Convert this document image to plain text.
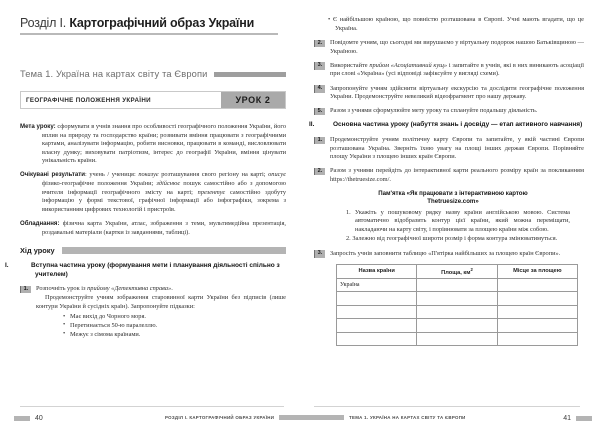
Розділ I. Картографічний образ України
Тема 1. Україна на картах світу та Європи
ГЕОГРАФІЧНЕ ПОЛОЖЕННЯ УКРАЇНИ	УРОК 2

Мета уроку: сформувати в учнів знання про особливості географічного положення України, його вплив на природу та господарство країни; розвивати вміння працювати з географічними картами, аналізувати інформацію, робити висновки, працювати в команді, висловлювати власну думку; виховувати патріотизм, інтерес до географії України, вміння цінувати унікальність країни.

Очікувані результати: учень / учениця: показує розташування свого регіону на карті; описує фізико-географічне положення України; здійснює пошук самостійно або з допомогою вчителя інформації географічного змісту на карті; презентує самостійно здобуту інформацію у формі текстової, графічної інформації або інфографіки, зокрема з використанням цифрових технологій і пристроїв.

Обладнання: фізична карта України, атлас, зображення з теми, мультимедійна презентація, роздавальні матеріали (картки із завданнями, таблиці).

Хід уроку

I.	Вступна частина уроку (формування мети і планування діяльності спільно з учителем)

1.	Розпочніть урок із прийому «Детективна справа».
Продемонструйте учням зображення старовинної карти України без підписів (лише контури України й сусідніх країн). Запропонуйте підказки:
• Має вихід до Чорного моря.
• Перетинається 50-ю паралеллю.
• Межує з сімома країнами.

• Є найбільшою країною, що повністю розташована в Європі. Учні мають вгадати, що це Україна.

2.	Повідомте учням, що сьогодні ми вирушаємо у віртуальну подорож нашою Батьківщиною — Україною.
3.	Використайте прийом «Асоціативний кущ» і запитайте в учнів, які в них виникають асоціації при слові «Україна» (усі відповіді зафіксуйте у вигляді схеми).
4.	Запропонуйте учням здійснити віртуальну екскурсію та дослідити географічне положення України. Продемонструйте невеликий відеофрагмент про нашу державу.
5.	Разом з учнями сформулюйте мету уроку та сплануйте подальшу діяльність.

II.	Основна частина уроку (набуття знань і досвіду — етап активного навчання)

1.	Продемонструйте учням політичну карту Європи та запитайте, у якій частині Європи розташована Україна. Зверніть їхню увагу на площі інших держав Європи. Порівняйте площу України з площею інших країн Європи.
2.	Разом з учнями перейдіть до інтерактивної карти реального розміру країн за покликанням https://thetruesize.com/.
Пам'ятка «Як працювати з інтерактивною картою
Thetruesize.com»
Укажіть у пошуковому рядку назву країни англійською мовою. Система автоматично відобразить контур цієї країни, який можна переміщати, накладаючи на карту світу, і порівнювати за площею країни між собою.
Залежно від географічної широти розмір і форма контура змінюватимуться.
3.	Запросіть учнів заповнити таблицю «П'ятірка найбільших за площею країн Європи».
Назва країни	Площа, $км^2$	Місце за площею
Україна		

40	РОЗДІЛ I. КАРТОГРАФІЧНИЙ ОБРАЗ УКРАЇНИ	ТЕМА 1. УКРАЇНА НА КАРТАХ СВІТУ ТА ЄВРОПИ	41
